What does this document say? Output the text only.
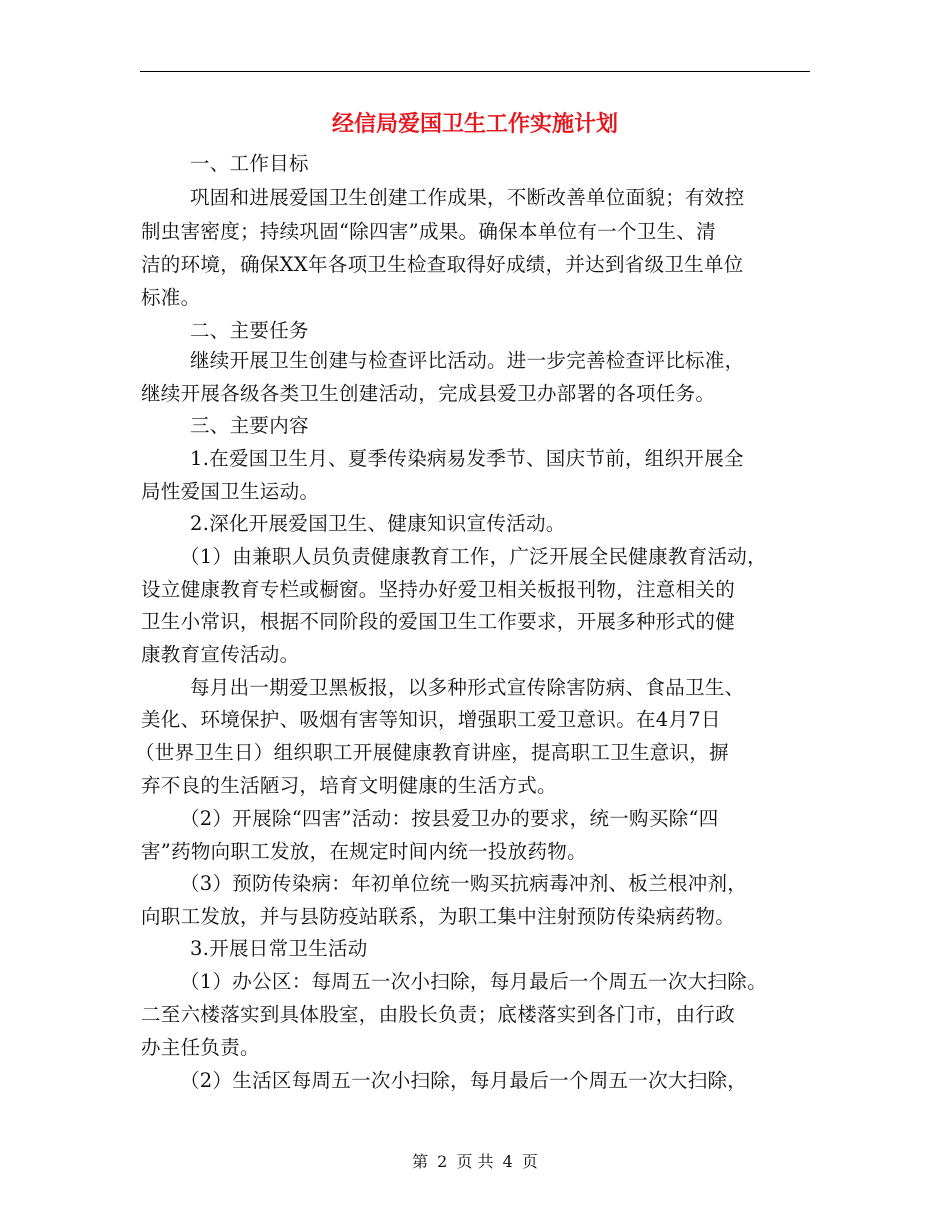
经信局爱国卫生工作实施计划
一、工作目标
巩固和进展爱国卫生创建工作成果，不断改善单位面貌；有效控
制虫害密度；持续巩固“除四害”成果。确保本单位有一个卫生、清
洁的环境，确保XX年各项卫生检查取得好成绩，并达到省级卫生单位
标准。
二、主要任务
继续开展卫生创建与检查评比活动。进一步完善检查评比标准，
继续开展各级各类卫生创建活动，完成县爱卫办部署的各项任务。
三、主要内容
1.在爱国卫生月、夏季传染病易发季节、国庆节前，组织开展全
局性爱国卫生运动。
2.深化开展爱国卫生、健康知识宣传活动。
（1）由兼职人员负责健康教育工作，广泛开展全民健康教育活动，
设立健康教育专栏或橱窗。坚持办好爱卫相关板报刊物，注意相关的
卫生小常识，根据不同阶段的爱国卫生工作要求，开展多种形式的健
康教育宣传活动。
每月出一期爱卫黑板报，以多种形式宣传除害防病、食品卫生、
美化、环境保护、吸烟有害等知识，增强职工爱卫意识。在4月7日
（世界卫生日）组织职工开展健康教育讲座，提高职工卫生意识，摒
弃不良的生活陋习，培育文明健康的生活方式。
（2）开展除“四害”活动：按县爱卫办的要求，统一购买除“四
害”药物向职工发放，在规定时间内统一投放药物。
（3）预防传染病：年初单位统一购买抗病毒冲剂、板兰根冲剂，
向职工发放，并与县防疫站联系，为职工集中注射预防传染病药物。
3.开展日常卫生活动
（1）办公区：每周五一次小扫除，每月最后一个周五一次大扫除。
二至六楼落实到具体股室，由股长负责；底楼落实到各门市，由行政
办主任负责。
（2）生活区每周五一次小扫除，每月最后一个周五一次大扫除，
第 2 页 共 4 页
